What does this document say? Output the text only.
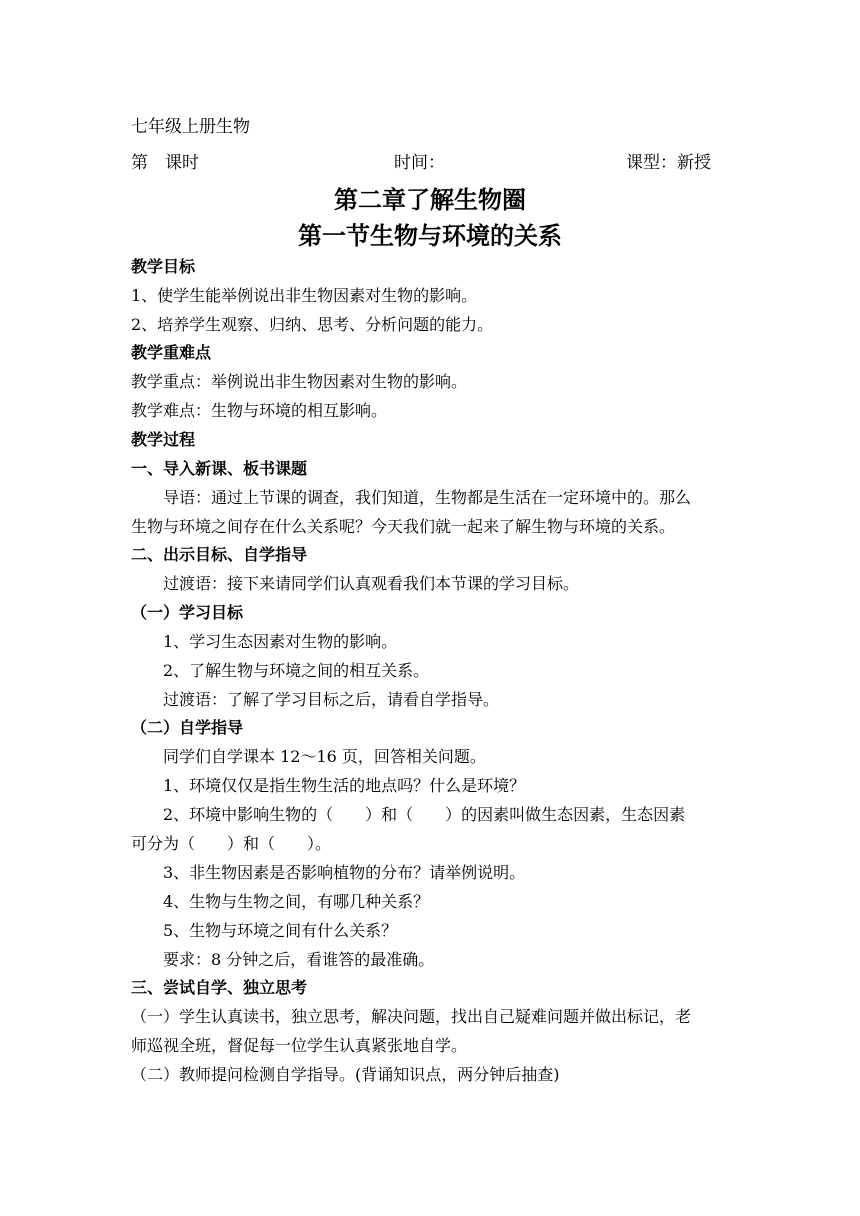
七年级上册生物
第　课时	时间：	课型：新授
第二章了解生物圈
第一节生物与环境的关系
教学目标
1、使学生能举例说出非生物因素对生物的影响。
2、培养学生观察、归纳、思考、分析问题的能力。
教学重难点
教学重点：举例说出非生物因素对生物的影响。
教学难点：生物与环境的相互影响。
教学过程
一、导入新课、板书课题
导语：通过上节课的调查，我们知道，生物都是生活在一定环境中的。那么
生物与环境之间存在什么关系呢？今天我们就一起来了解生物与环境的关系。
二、出示目标、自学指导
过渡语：接下来请同学们认真观看我们本节课的学习目标。
（一）学习目标
1、学习生态因素对生物的影响。
2、了解生物与环境之间的相互关系。
过渡语：了解了学习目标之后，请看自学指导。
（二）自学指导
同学们自学课本 12～16 页，回答相关问题。
1、环境仅仅是指生物生活的地点吗？什么是环境？
2、环境中影响生物的（　　）和（　　）的因素叫做生态因素，生态因素
可分为（　　）和（　　）。
3、非生物因素是否影响植物的分布？请举例说明。
4、生物与生物之间，有哪几种关系？
5、生物与环境之间有什么关系？
要求：8 分钟之后，看谁答的最准确。
三、尝试自学、独立思考
（一）学生认真读书，独立思考，解决问题，找出自己疑难问题并做出标记，老
师巡视全班，督促每一位学生认真紧张地自学。
（二）教师提问检测自学指导。(背诵知识点，两分钟后抽查)
